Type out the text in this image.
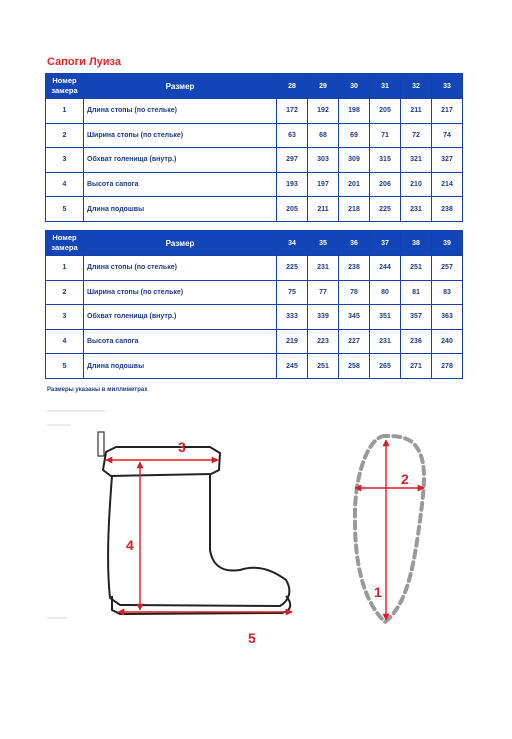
Сапоги Луиза
Номер замера	Размер	28	29	30	31	32	33
1	Длина стопы (по стельке)	172	192	198	205	211	217
2	Ширина стопы (по стельке)	63	68	69	71	72	74
3	Обхват голенища (внутр.)	297	303	309	315	321	327
4	Высота сапога	193	197	201	206	210	214
5	Длина подошвы	205	211	218	225	231	238
Номер замера	Размер	34	35	36	37	38	39
1	Длина стопы (по стельке)	225	231	238	244	251	257
2	Ширина стопы (по стельке)	75	77	78	80	81	83
3	Обхват голенища (внутр.)	333	339	345	351	357	363
4	Высота сапога	219	223	227	231	236	240
5	Длина подошвы	245	251	258	265	271	278

Размеры указаны в миллиметрах

3
4
5
2
1
